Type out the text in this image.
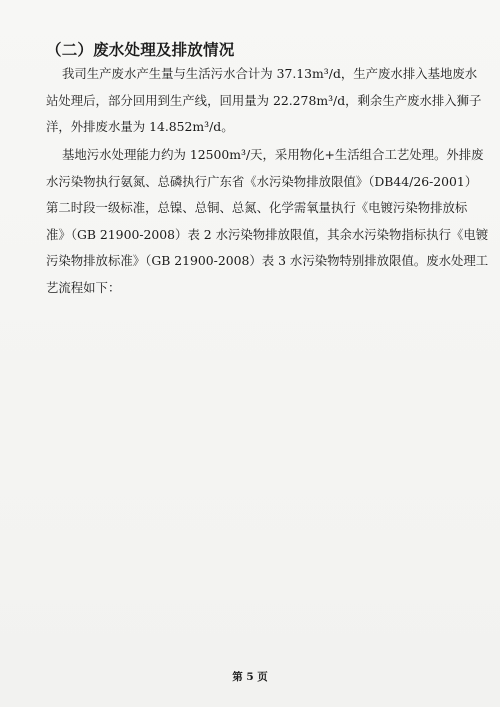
（二）废水处理及排放情况
我司生产废水产生量与生活污水合计为 37.13m³/d，生产废水排入基地废水
站处理后，部分回用到生产线，回用量为 22.278m³/d，剩余生产废水排入狮子
洋，外排废水量为 14.852m³/d。
基地污水处理能力约为 12500m³/天，采用物化+生活组合工艺处理。外排废
水污染物执行氨氮、总磷执行广东省《水污染物排放限值》（DB44/26-2001）
第二时段一级标准，总镍、总铜、总氮、化学需氧量执行《电镀污染物排放标
准》（GB 21900-2008）表 2 水污染物排放限值，其余水污染物指标执行《电镀
污染物排放标准》（GB 21900-2008）表 3 水污染物特别排放限值。废水处理工
艺流程如下：
第 5 页
